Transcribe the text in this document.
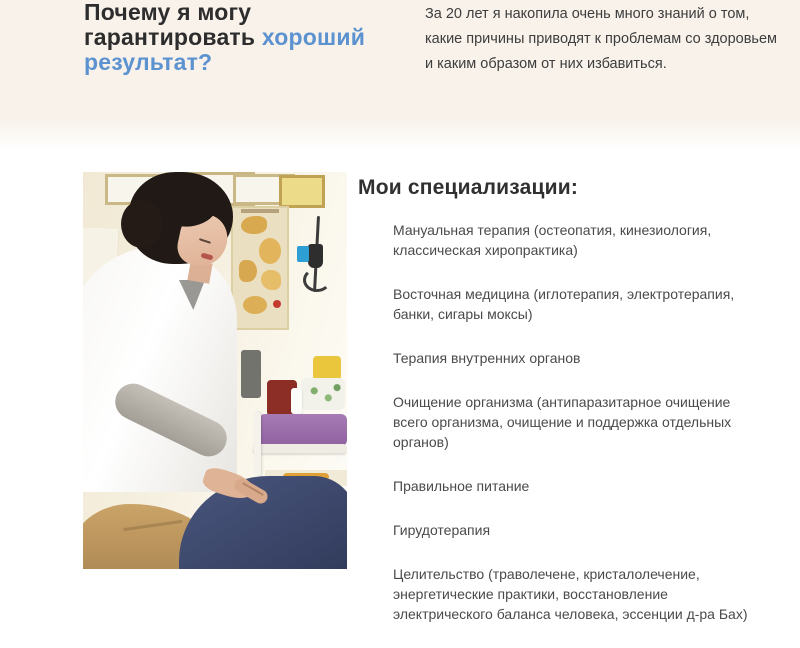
Почему я могу гарантировать хороший результат?

За 20 лет я накопила очень много знаний о том, какие причины приводят к проблемам со здоровьем и каким образом от них избавиться.

Мои специализации:
Мануальная терапия (остеопатия, кинезиология, классическая хиропрактика)
Восточная медицина (иглотерапия, электротерапия, банки, сигары моксы)
Терапия внутренних органов
Очищение организма (антипаразитарное очищение всего организма, очищение и поддержка отдельных органов)
Правильное питание
Гирудотерапия
Целительство (траволечене, кристалолечение, энергетические практики, восстановление электрического баланса человека, эссенции д-ра Бах)
